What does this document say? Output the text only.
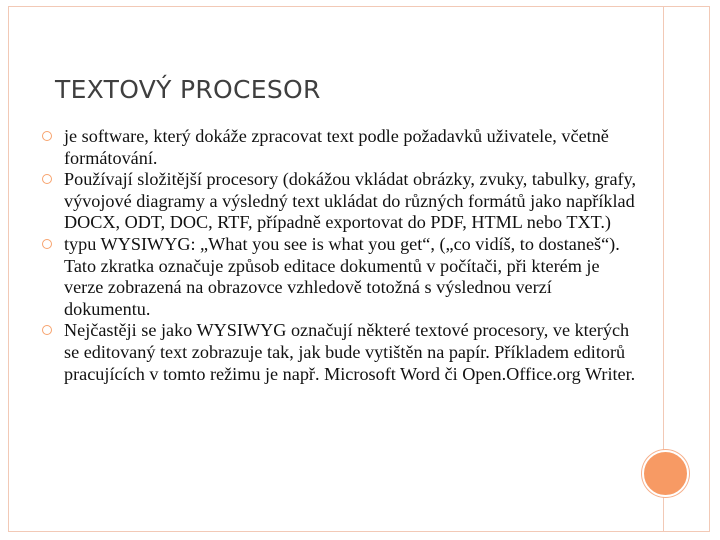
TEXTOVÝ PROCESOR
je software, který dokáže zpracovat text podle požadavků uživatele, včetně formátování.
Používají složitější procesory (dokážou vkládat obrázky, zvuky, tabulky, grafy, vývojové diagramy a výsledný text ukládat do různých formátů jako například DOCX, ODT, DOC, RTF, případně exportovat do PDF, HTML nebo TXT.)
typu WYSIWYG: „What you see is what you get“, („co vidíš, to dostaneš“). Tato zkratka označuje způsob editace dokumentů v počítači, při kterém je verze zobrazená na obrazovce vzhledově totožná s výslednou verzí dokumentu.
Nejčastěji se jako WYSIWYG označují některé textové procesory, ve kterých se editovaný text zobrazuje tak, jak bude vytištěn na papír. Příkladem editorů pracujících v tomto režimu je např. Microsoft Word či Open.Office.org Writer.
